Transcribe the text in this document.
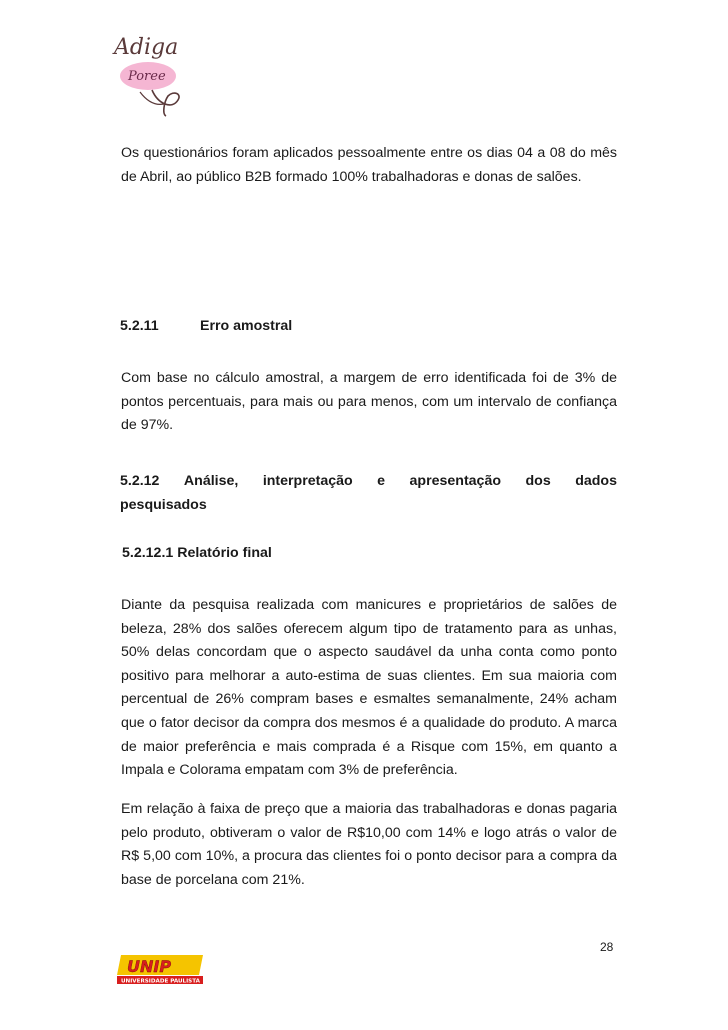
Adiga
Poree

Os questionários foram aplicados pessoalmente entre os dias 04 a 08 do mês de Abril, ao público B2B formado 100% trabalhadoras e donas de salões.

5.2.11	Erro amostral

Com base no cálculo amostral, a margem de erro identificada foi de 3% de pontos percentuais, para mais ou para menos, com um intervalo de confiança de 97%.

5.2.12 Análise, interpretação e apresentação dos dados
pesquisados

5.2.12.1 Relatório final

Diante da pesquisa realizada com manicures e proprietários de salões de beleza, 28% dos salões oferecem algum tipo de tratamento para as unhas, 50% delas concordam que o aspecto saudável da unha conta como ponto positivo para melhorar a auto-estima de suas clientes. Em sua maioria com percentual de 26% compram bases e esmaltes semanalmente, 24% acham que o fator decisor da compra dos mesmos é a qualidade do produto. A marca de maior preferência e mais comprada é a Risque com 15%, em quanto a Impala e Colorama empatam com 3% de preferência.

Em relação à faixa de preço que a maioria das trabalhadoras e donas pagaria pelo produto, obtiveram o valor de R$10,00 com 14% e logo atrás o valor de R$ 5,00 com 10%, a procura das clientes foi o ponto decisor para a compra da base de porcelana com 21%.

28
UNIP
UNIVERSIDADE PAULISTA
